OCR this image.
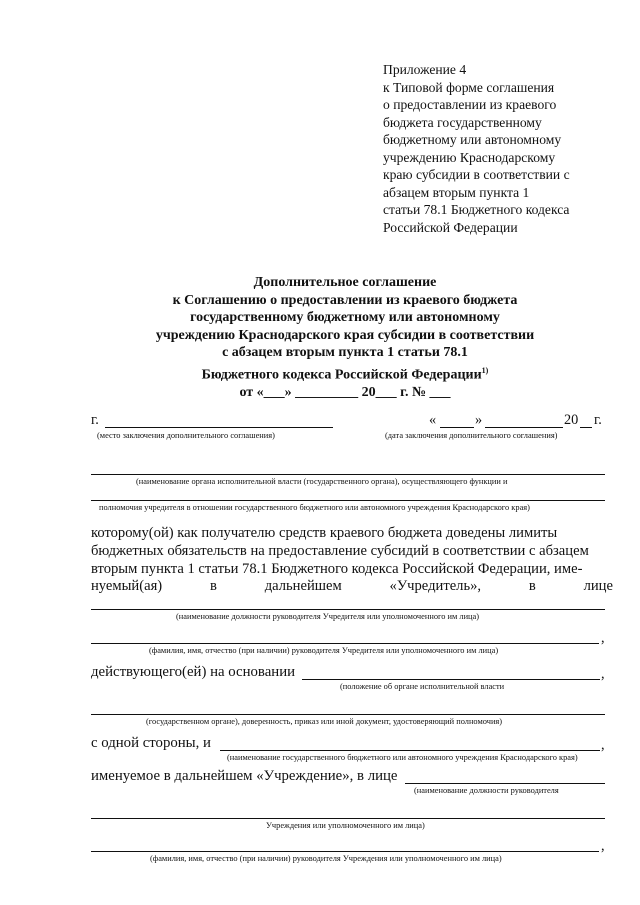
Приложение 4
к Типовой форме соглашения
о предоставлении из краевого
бюджета государственному
бюджетному или автономному
учреждению Краснодарскому
краю субсидии в соответствии с
абзацем вторым пункта 1
статьи 78.1 Бюджетного кодекса
Российской Федерации
Дополнительное соглашение
к Соглашению о предоставлении из краевого бюджета
государственному бюджетному или автономному
учреждению Краснодарского края субсидии в соответствии
с абзацем вторым пункта 1 статьи 78.1
Бюджетного кодекса Российской Федерации$^{1)}$
от «___» _________ 20___ г. № ___
г.
(место заключения дополнительного соглашения)
«	»	20 г.
(дата заключения дополнительного соглашения)
(наименование органа исполнительной власти (государственного органа), осуществляющего функции и
полномочия учредителя в отношении государственного бюджетного или автономного учреждения Краснодарского края)
которому(ой) как получателю средств краевого бюджета доведены лимиты
бюджетных обязательств на предоставление субсидий в соответствии с абзацем
вторым пункта 1 статьи 78.1 Бюджетного кодекса Российской Федерации, име-
нуемый(ая)	в	дальнейшем	«Учредитель»,	в	лице
(наименование должности руководителя Учредителя или уполномоченного им лица)
,
(фамилия, имя, отчество (при наличии) руководителя Учредителя или уполномоченного им лица)
действующего(ей) на основании	,
(положение об органе исполнительной власти
(государственном органе), доверенность, приказ или иной документ, удостоверяющий полномочия)
с одной стороны, и	,
(наименование государственного бюджетного или автономного учреждения Краснодарского края)
именуемое в дальнейшем «Учреждение», в лице
(наименование должности руководителя
Учреждения или уполномоченного им лица)
,
(фамилия, имя, отчество (при наличии) руководителя Учреждения или уполномоченного им лица)
